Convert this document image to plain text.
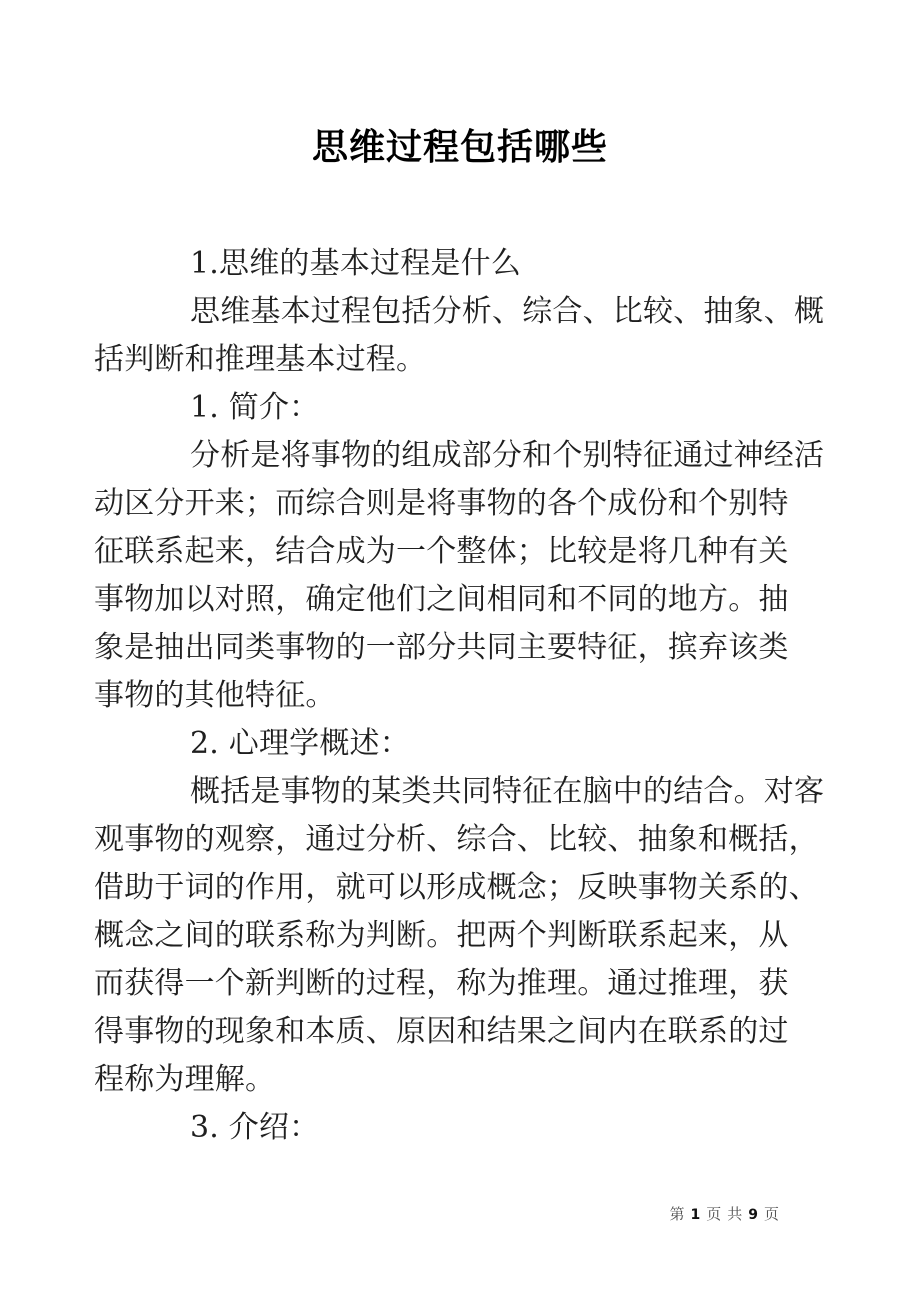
思维过程包括哪些
1.思维的基本过程是什么
思维基本过程包括分析、综合、比较、抽象、概
括判断和推理基本过程。
1. 简介：
分析是将事物的组成部分和个别特征通过神经活
动区分开来；而综合则是将事物的各个成份和个别特
征联系起来，结合成为一个整体；比较是将几种有关
事物加以对照，确定他们之间相同和不同的地方。抽
象是抽出同类事物的一部分共同主要特征，摈弃该类
事物的其他特征。
2. 心理学概述：
概括是事物的某类共同特征在脑中的结合。对客
观事物的观察，通过分析、综合、比较、抽象和概括，
借助于词的作用，就可以形成概念；反映事物关系的、
概念之间的联系称为判断。把两个判断联系起来，从
而获得一个新判断的过程，称为推理。通过推理，获
得事物的现象和本质、原因和结果之间内在联系的过
程称为理解。
3. 介绍：
第 1 页 共 9 页
